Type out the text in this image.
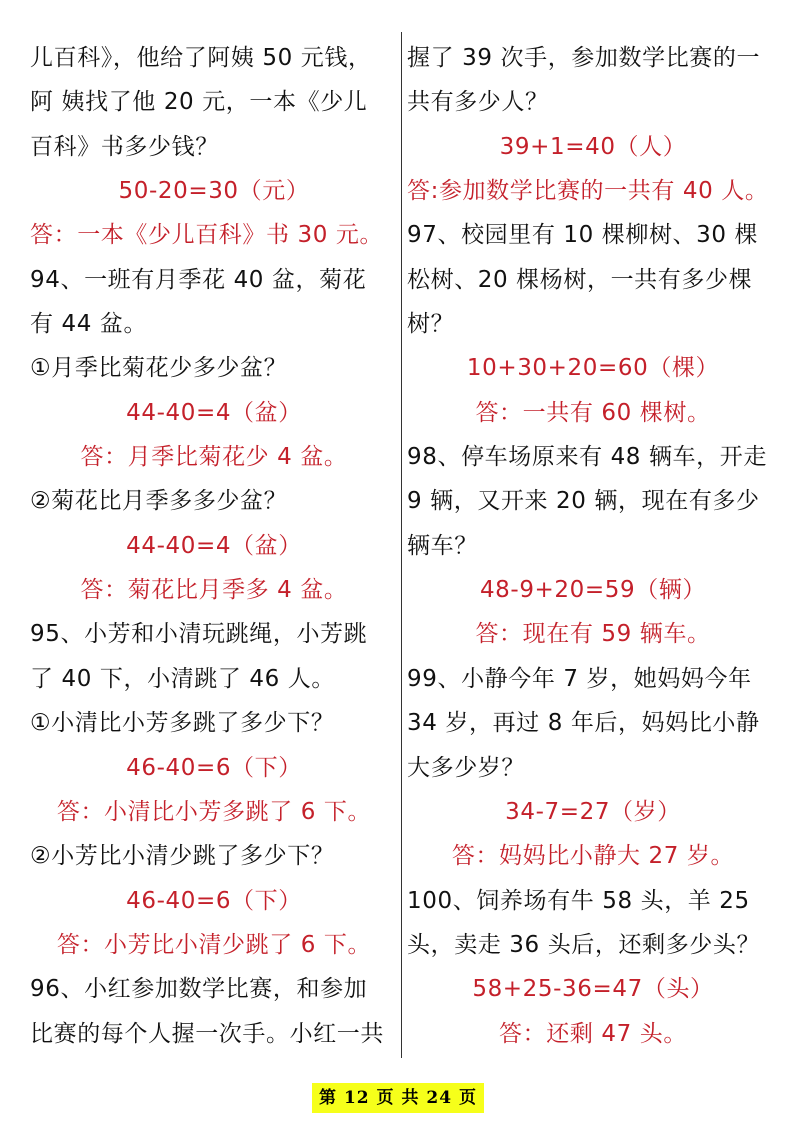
儿百科》，他给了阿姨 50 元钱，
阿 姨找了他 20 元，一本《少儿
百科》书多少钱？
50-20=30（元）
答：一本《少儿百科》书 30 元。
94、一班有月季花 40 盆，菊花
有 44 盆。
①月季比菊花少多少盆？
44-40=4（盆）
答：月季比菊花少 4 盆。
②菊花比月季多多少盆？
44-40=4（盆）
答：菊花比月季多 4 盆。
95、小芳和小清玩跳绳，小芳跳
了 40 下，小清跳了 46 人。
①小清比小芳多跳了多少下？
46-40=6（下）
答：小清比小芳多跳了 6 下。
②小芳比小清少跳了多少下？
46-40=6（下）
答：小芳比小清少跳了 6 下。
96、小红参加数学比赛，和参加
比赛的每个人握一次手。小红一共
握了 39 次手，参加数学比赛的一
共有多少人？
39+1=40（人）
答:参加数学比赛的一共有 40 人。
97、校园里有 10 棵柳树、30 棵
松树、20 棵杨树，一共有多少棵
树？
10+30+20=60（棵）
答：一共有 60 棵树。
98、停车场原来有 48 辆车，开走
9 辆，又开来 20 辆，现在有多少
辆车？
48-9+20=59（辆）
答：现在有 59 辆车。
99、小静今年 7 岁，她妈妈今年
34 岁，再过 8 年后，妈妈比小静
大多少岁？
34-7=27（岁）
答：妈妈比小静大 27 岁。
100、饲养场有牛 58 头，羊 25
头，卖走 36 头后，还剩多少头？
58+25-36=47（头）
答：还剩 47 头。
第 12 页 共 24 页
